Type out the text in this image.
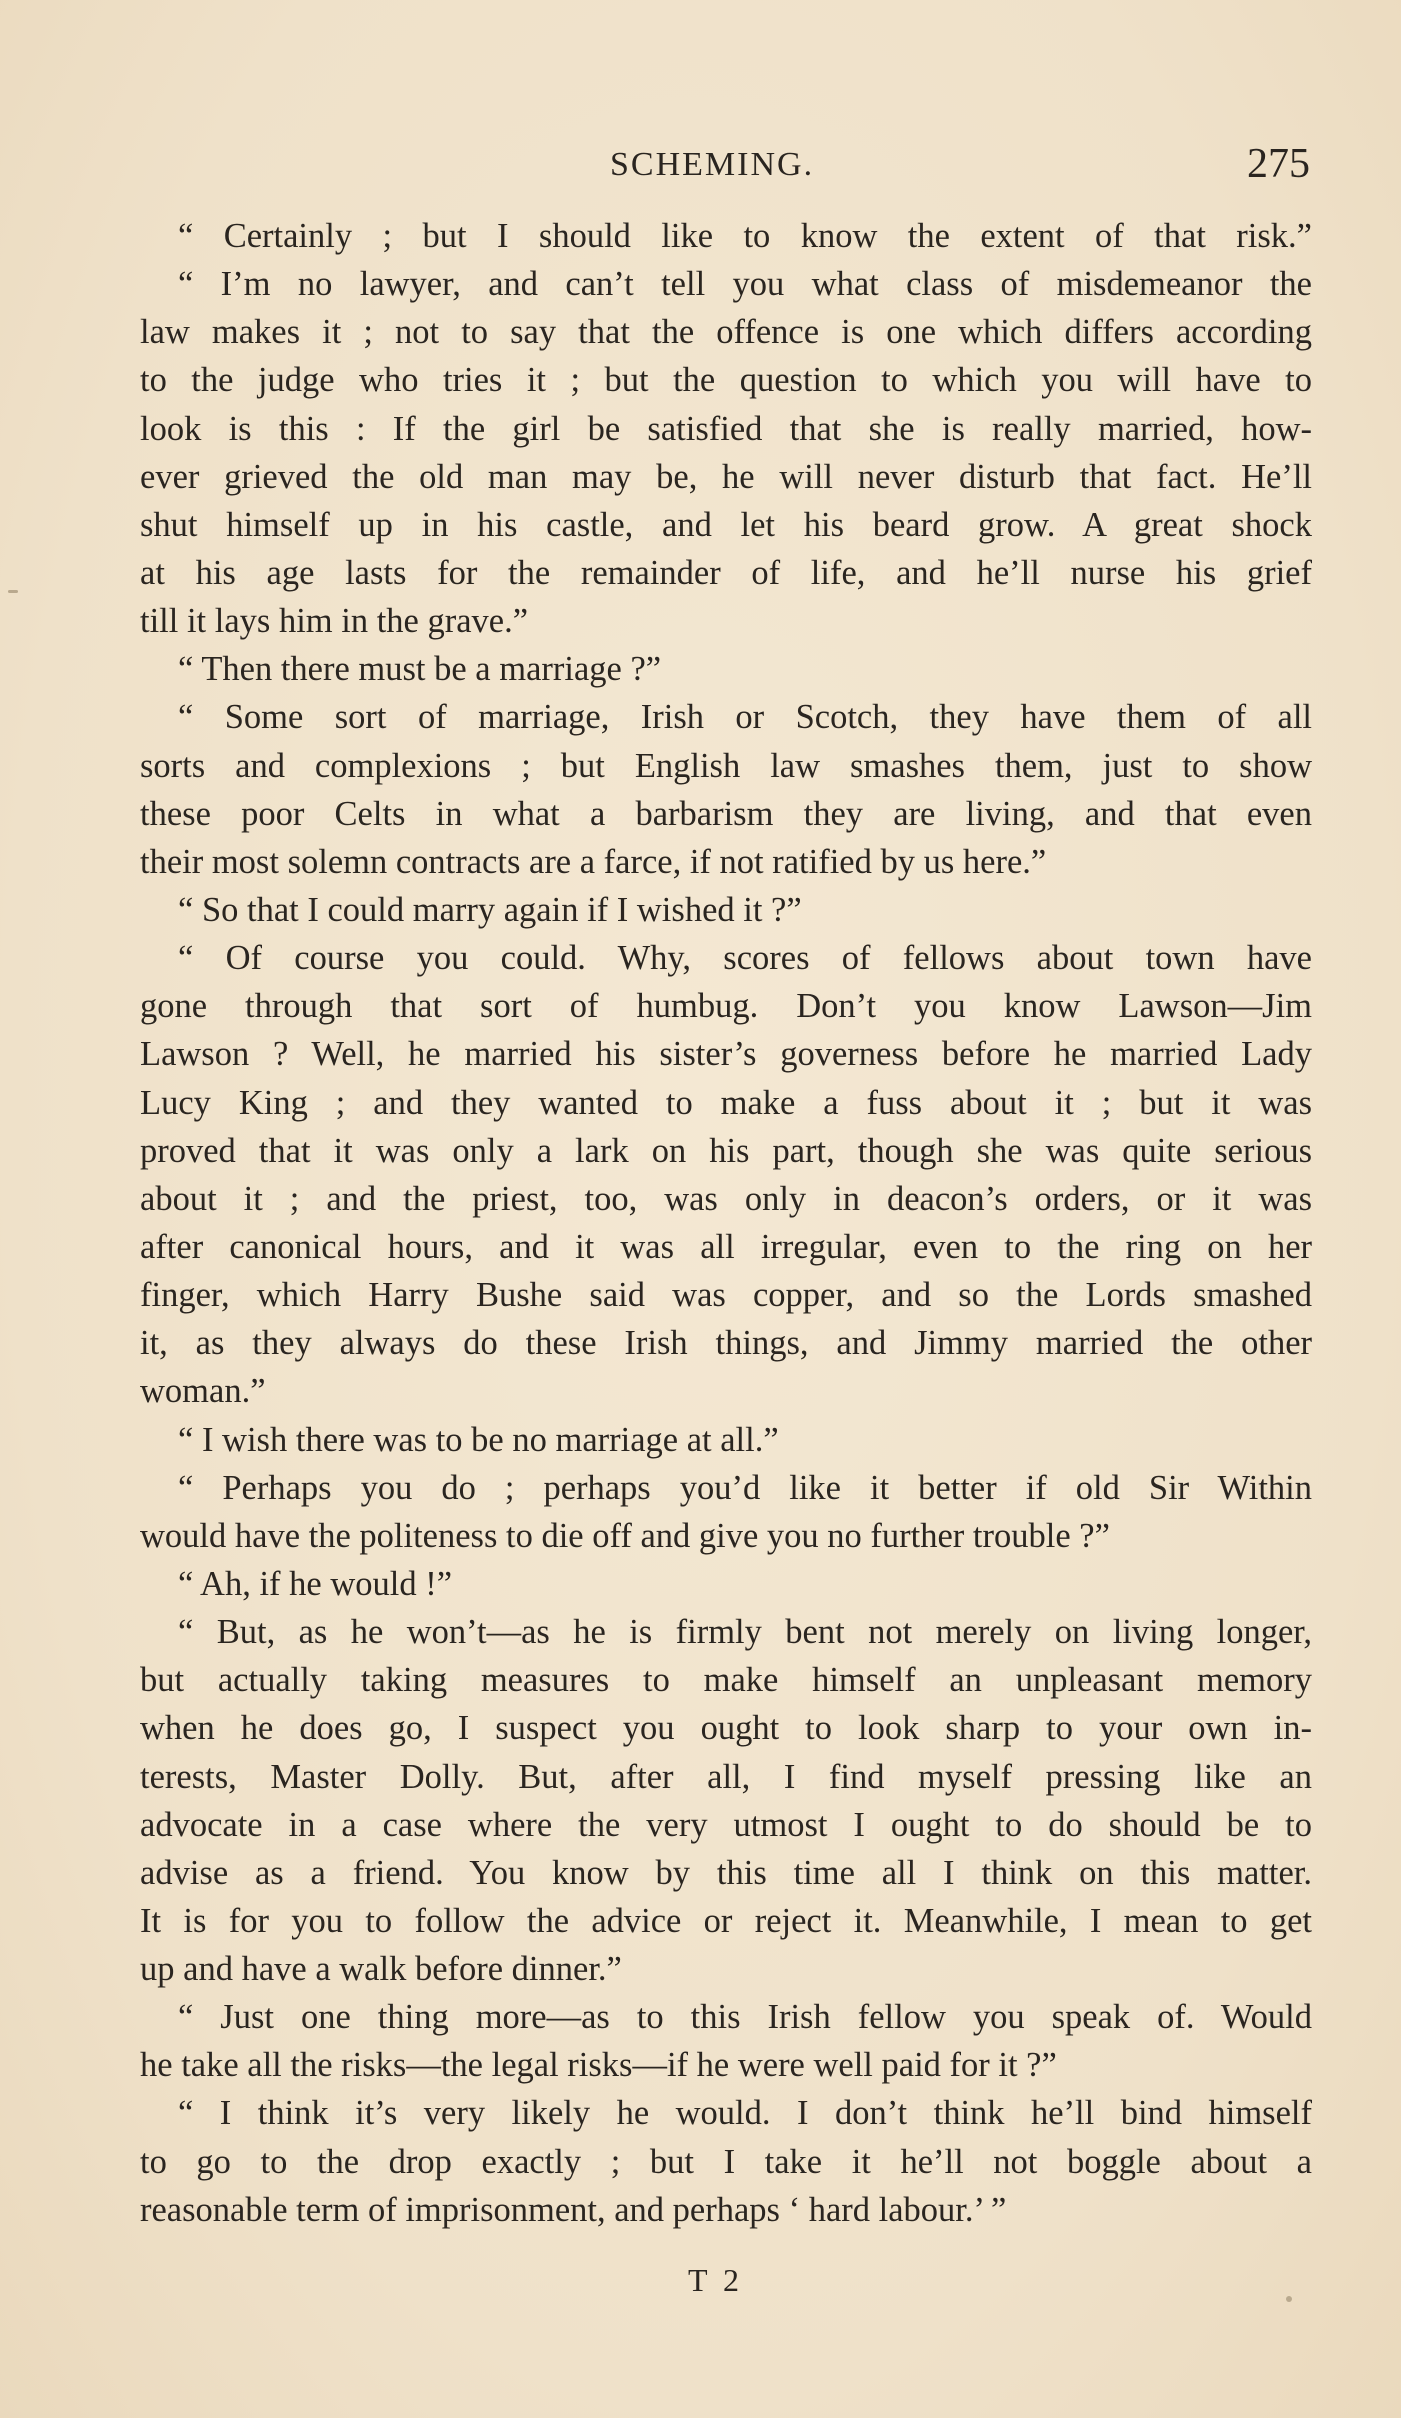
SCHEMING.	275
“ Certainly ; but I should like to know the extent of that risk.”
“ I’m no lawyer, and can’t tell you what class of misdemeanor the
law makes it ; not to say that the offence is one which differs according
to the judge who tries it ; but the question to which you will have to
look is this : If the girl be satisfied that she is really married, how-
ever grieved the old man may be, he will never disturb that fact. He’ll
shut himself up in his castle, and let his beard grow. A great shock
at his age lasts for the remainder of life, and he’ll nurse his grief
till it lays him in the grave.”
“ Then there must be a marriage ?”
“ Some sort of marriage, Irish or Scotch, they have them of all
sorts and complexions ; but English law smashes them, just to show
these poor Celts in what a barbarism they are living, and that even
their most solemn contracts are a farce, if not ratified by us here.”
“ So that I could marry again if I wished it ?”
“ Of course you could. Why, scores of fellows about town have
gone through that sort of humbug. Don’t you know Lawson—Jim
Lawson ? Well, he married his sister’s governess before he married Lady
Lucy King ; and they wanted to make a fuss about it ; but it was
proved that it was only a lark on his part, though she was quite serious
about it ; and the priest, too, was only in deacon’s orders, or it was
after canonical hours, and it was all irregular, even to the ring on her
finger, which Harry Bushe said was copper, and so the Lords smashed
it, as they always do these Irish things, and Jimmy married the other
woman.”
“ I wish there was to be no marriage at all.”
“ Perhaps you do ; perhaps you’d like it better if old Sir Within
would have the politeness to die off and give you no further trouble ?”
“ Ah, if he would !”
“ But, as he won’t—as he is firmly bent not merely on living longer,
but actually taking measures to make himself an unpleasant memory
when he does go, I suspect you ought to look sharp to your own in-
terests, Master Dolly. But, after all, I find myself pressing like an
advocate in a case where the very utmost I ought to do should be to
advise as a friend. You know by this time all I think on this matter.
It is for you to follow the advice or reject it. Meanwhile, I mean to get
up and have a walk before dinner.”
“ Just one thing more—as to this Irish fellow you speak of. Would
he take all the risks—the legal risks—if he were well paid for it ?”
“ I think it’s very likely he would. I don’t think he’ll bind himself
to go to the drop exactly ; but I take it he’ll not boggle about a
reasonable term of imprisonment, and perhaps ‘ hard labour.’ ”
T 2
